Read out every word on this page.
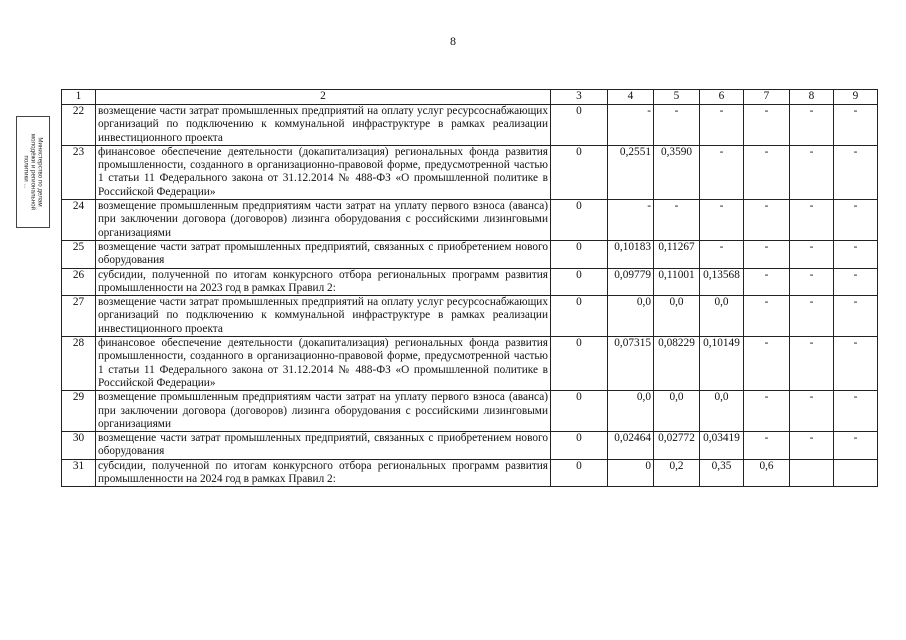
8
Министерство по делам
молодёжи и региональной
политики ...
1	2	3	4	5	6	7	8	9
22	возмещение части затрат промышленных предприятий на оплату услуг ресурсоснабжающих организаций по подключению к коммунальной инфраструктуре в рамках реализации инвестиционного проекта	0	-	-	-	-	-	-
23	финансовое обеспечение деятельности (докапитализация) региональных фонда развития промышленности, созданного в организационно-правовой форме, предусмотренной частью 1 статьи 11 Федерального закона от 31.12.2014 № 488-ФЗ «О промышленной политике в Российской Федерации»	0	0,2551	0,3590	-	-	-	-
24	возмещение промышленным предприятиям части затрат на уплату первого взноса (аванса) при заключении договора (договоров) лизинга оборудования с российскими лизинговыми организациями	0	-	-	-	-	-	-
25	возмещение части затрат промышленных предприятий, связанных с приобретением нового оборудования	0	0,10183	0,11267	-	-	-	-
26	субсидии, полученной по итогам конкурсного отбора региональных программ развития промышленности на 2023 год в рамках Правил 2:	0	0,09779	0,11001	0,13568	-	-	-
27	возмещение части затрат промышленных предприятий на оплату услуг ресурсоснабжающих организаций по подключению к коммунальной инфраструктуре в рамках реализации инвестиционного проекта	0	0,0	0,0	0,0	-	-	-
28	финансовое обеспечение деятельности (докапитализация) региональных фонда развития промышленности, созданного в организационно-правовой форме, предусмотренной частью 1 статьи 11 Федерального закона от 31.12.2014 № 488-ФЗ «О промышленной политике в Российской Федерации»	0	0,07315	0,08229	0,10149	-	-	-
29	возмещение промышленным предприятиям части затрат на уплату первого взноса (аванса) при заключении договора (договоров) лизинга оборудования с российскими лизинговыми организациями	0	0,0	0,0	0,0	-	-	-
30	возмещение части затрат промышленных предприятий, связанных с приобретением нового оборудования	0	0,02464	0,02772	0,03419	-	-	-
31	субсидии, полученной по итогам конкурсного отбора региональных программ развития промышленности на 2024 год в рамках Правил 2:	0	0	0,2	0,35	0,6		
